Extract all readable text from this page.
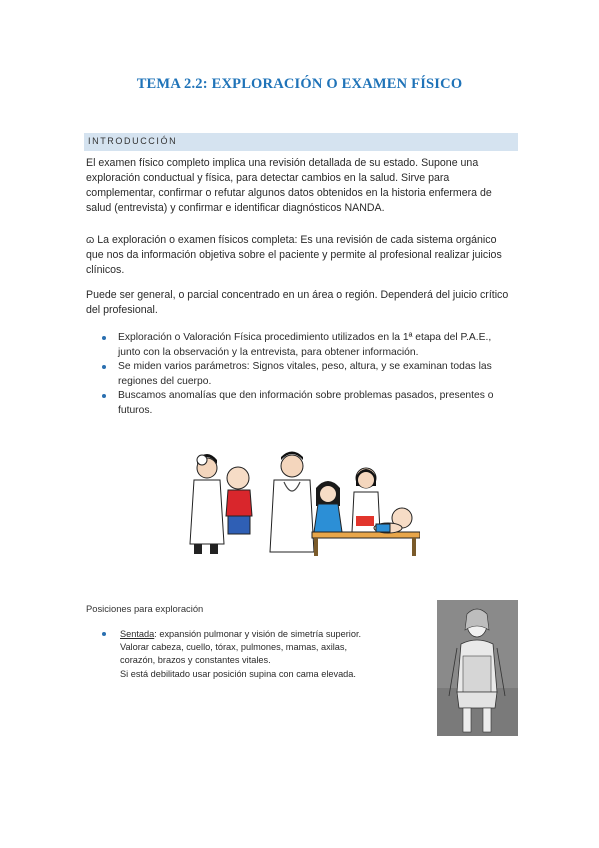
TEMA 2.2: EXPLORACIÓN O EXAMEN FÍSICO
INTRODUCCIÓN

El examen físico completo implica una revisión detallada de su estado. Supone una exploración conductual y física, para detectar cambios en la salud. Sirve para complementar, confirmar o refutar algunos datos obtenidos en la historia enfermera de salud (entrevista) y confirmar e identificar diagnósticos NANDA.

ɷ La exploración o examen físicos completa: Es una revisión de cada sistema orgánico que nos da información objetiva sobre el paciente y permite al profesional realizar juicios clínicos.

Puede ser general, o parcial concentrado en un área o región. Dependerá del juicio crítico del profesional.

Exploración o Valoración Física procedimiento utilizados en la 1ª etapa del P.A.E., junto con la observación y la entrevista, para obtener información.
Se miden varios parámetros: Signos vitales, peso, altura, y se examinan todas las regiones del cuerpo.
Buscamos anomalías que den información sobre problemas pasados, presentes o futuros.
Posiciones para exploración
Sentada: expansión pulmonar y visión de simetría superior.
Valorar cabeza, cuello, tórax, pulmones, mamas, axilas,
corazón, brazos y constantes vitales.
Si está debilitado usar posición supina con cama elevada.
